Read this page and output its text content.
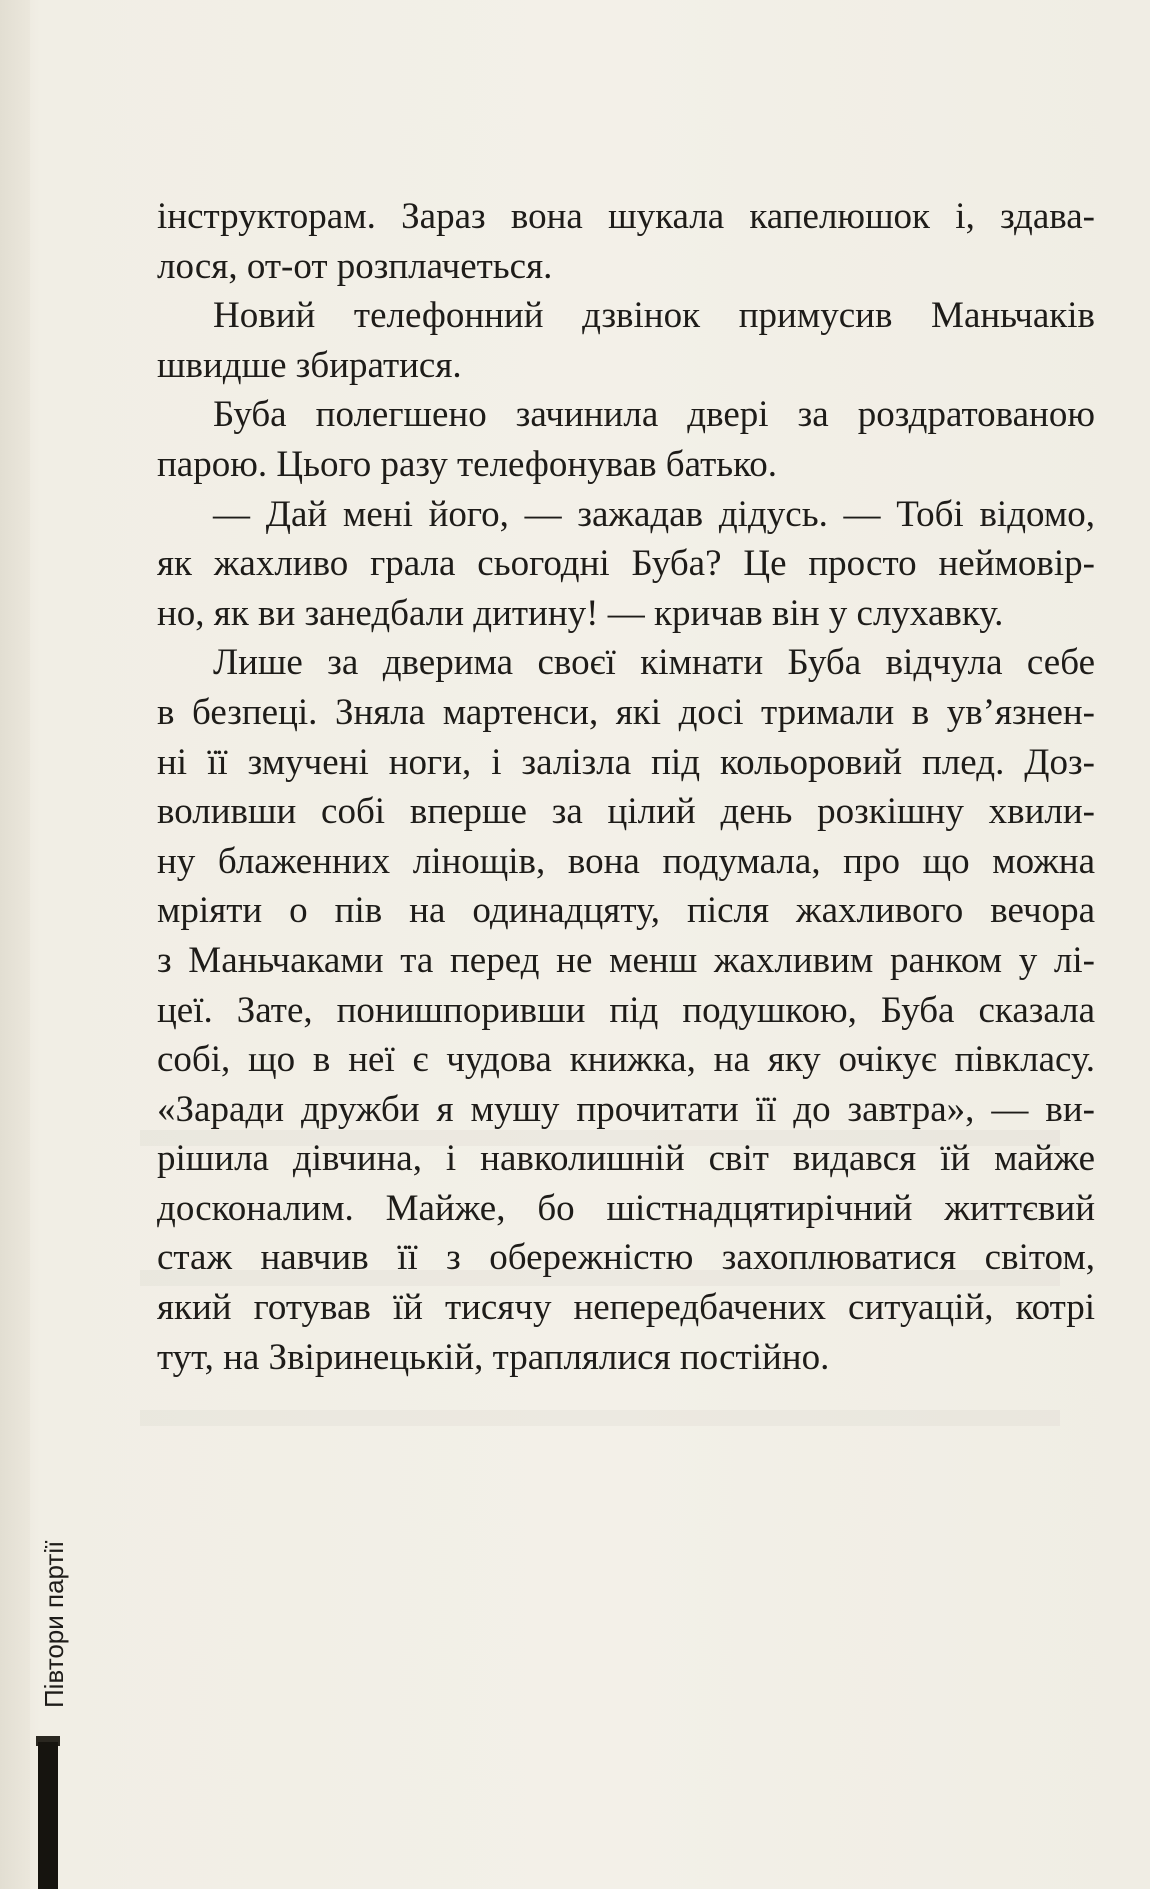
інструкторам. Зараз вона шукала капелюшок і, здава-
лося, от-от розплачеться.
Новий телефонний дзвінок примусив Маньчаків
швидше збиратися.
Буба полегшено зачинила двері за роздратованою
парою. Цього разу телефонував батько.
— Дай мені його, — зажадав дідусь. — Тобі відомо,
як жахливо грала сьогодні Буба? Це просто неймовір-
но, як ви занедбали дитину! — кричав він у слухавку.
Лише за дверима своєї кімнати Буба відчула себе
в безпеці. Зняла мартенси, які досі тримали в ув’язнен-
ні її змучені ноги, і залізла під кольоровий плед. Доз-
воливши собі вперше за цілий день розкішну хвили-
ну блаженних лінощів, вона подумала, про що можна
мріяти о пів на одинадцяту, після жахливого вечора
з Маньчаками та перед не менш жахливим ранком у лі-
цеї. Зате, понишпоривши під подушкою, Буба сказала
собі, що в неї є чудова книжка, на яку очікує півкласу.
«Заради дружби я мушу прочитати її до завтра», — ви-
рішила дівчина, і навколишній світ видався їй майже
досконалим. Майже, бо шістнадцятирічний життєвий
стаж навчив її з обережністю захоплюватися світом,
який готував їй тисячу непередбачених ситуацій, котрі
тут, на Звіринецькій, траплялися постійно.
Півтори партії
